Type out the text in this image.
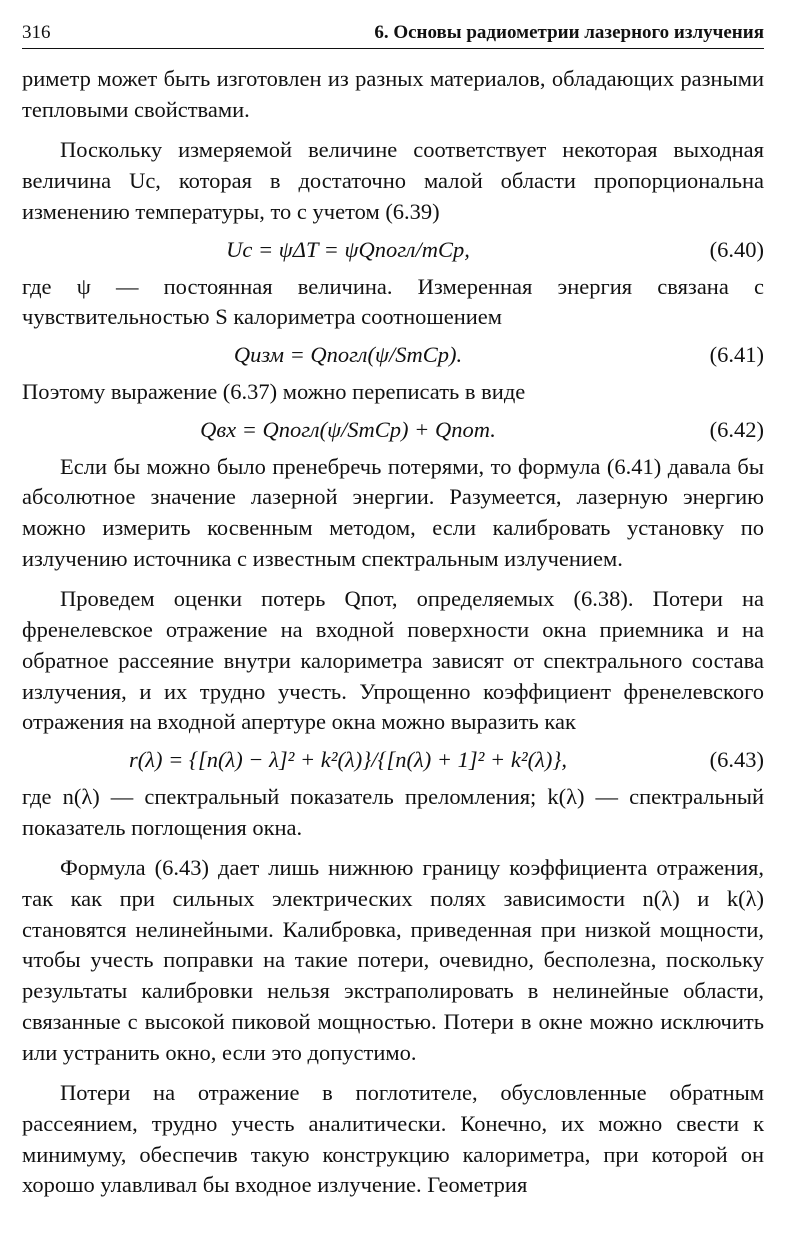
316	6. Основы радиометрии лазерного излучения

риметр может быть изготовлен из разных материалов, обладающих разными тепловыми свойствами.

Поскольку измеряемой величине соответствует некоторая выходная величина Uc, которая в достаточно малой области пропорциональна изменению температуры, то с учетом (6.39)

Uc = ψΔT = ψQпогл/mCp,	(6.40)

где ψ — постоянная величина. Измеренная энергия связана с чувствительностью S калориметра соотношением

Qизм = Qпогл(ψ/SmCp).	(6.41)

Поэтому выражение (6.37) можно переписать в виде

Qвх = Qпогл(ψ/SmCp) + Qпот.	(6.42)

Если бы можно было пренебречь потерями, то формула (6.41) давала бы абсолютное значение лазерной энергии. Разумеется, лазерную энергию можно измерить косвенным методом, если калибровать установку по излучению источника с известным спектральным излучением.

Проведем оценки потерь Qпот, определяемых (6.38). Потери на френелевское отражение на входной поверхности окна приемника и на обратное рассеяние внутри калориметра зависят от спектрального состава излучения, и их трудно учесть. Упрощенно коэффициент френелевского отражения на входной апертуре окна можно выразить как

r(λ) = {[n(λ) − λ]² + k²(λ)}/{[n(λ) + 1]² + k²(λ)},	(6.43)

где n(λ) — спектральный показатель преломления; k(λ) — спектральный показатель поглощения окна.

Формула (6.43) дает лишь нижнюю границу коэффициента отражения, так как при сильных электрических полях зависимости n(λ) и k(λ) становятся нелинейными. Калибровка, приведенная при низкой мощности, чтобы учесть поправки на такие потери, очевидно, бесполезна, поскольку результаты калибровки нельзя экстраполировать в нелинейные области, связанные с высокой пиковой мощностью. Потери в окне можно исключить или устранить окно, если это допустимо.

Потери на отражение в поглотителе, обусловленные обратным рассеянием, трудно учесть аналитически. Конечно, их можно свести к минимуму, обеспечив такую конструкцию калориметра, при которой он хорошо улавливал бы входное излучение. Геометрия
